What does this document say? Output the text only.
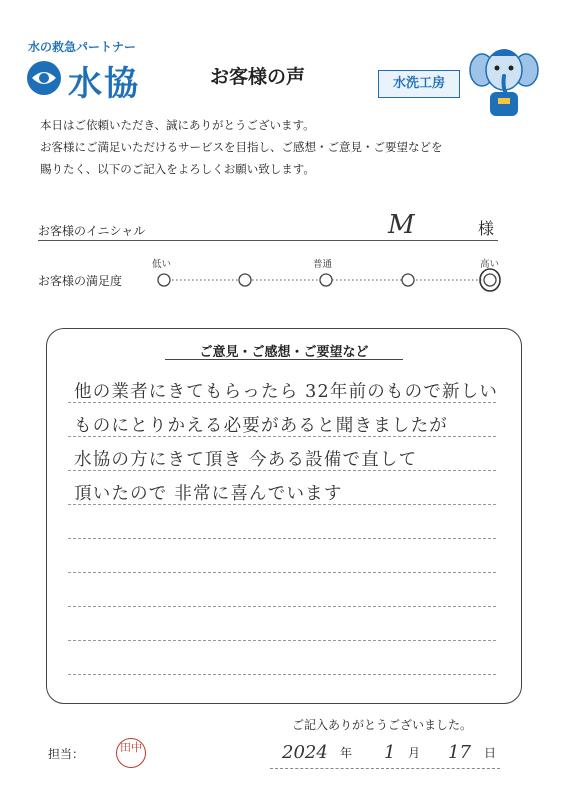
水の救急パートナー
水協	お客様の声	水洗工房
本日はご依頼いただき、誠にありがとうございます。
お客様にご満足いただけるサービスを目指し、ご感想・ご意見・ご要望などを
賜りたく、以下のご記入をよろしくお願い致します。
お客様のイニシャル	M	様
お客様の満足度
低い	普通	高い
ご意見・ご感想・ご要望など
他の業者にきてもらったら 32年前のもので新しい
ものにとりかえる必要があると聞きましたが
水協の方にきて頂き 今ある設備で直して
頂いたので 非常に喜んでいます
ご記入ありがとうございました。
担当：	田中	2024 年 1 月 17 日
